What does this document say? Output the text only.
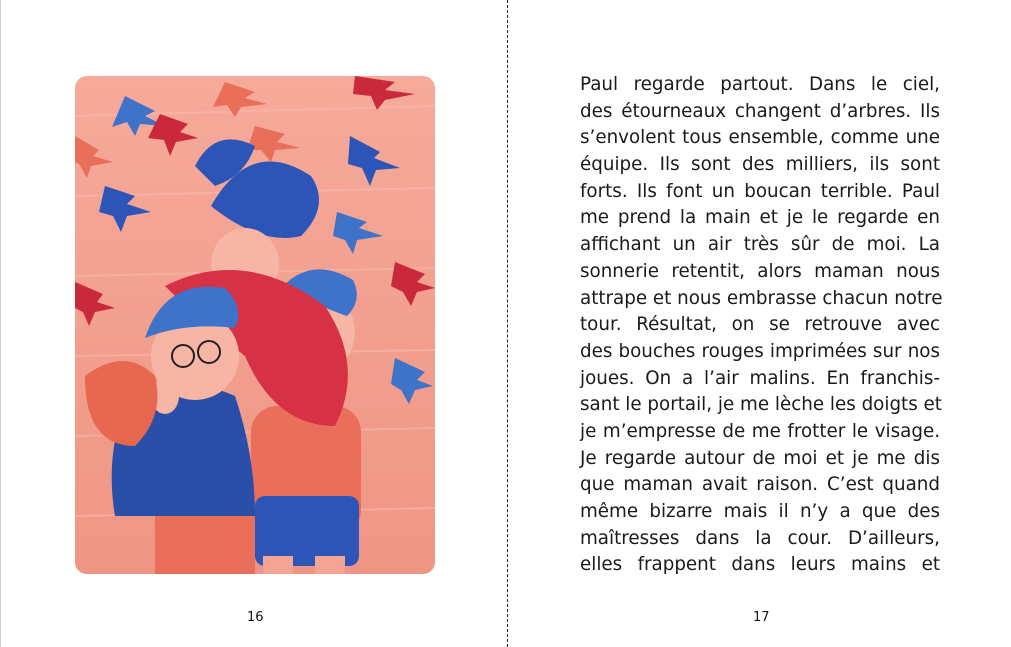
16
Paul regarde partout. Dans le ciel,
des étourneaux changent d’arbres. Ils
s’envolent tous ensemble, comme une
équipe. Ils sont des milliers, ils sont
forts. Ils font un boucan terrible. Paul
me prend la main et je le regarde en
affichant un air très sûr de moi. La
sonnerie retentit, alors maman nous
attrape et nous embrasse chacun notre
tour. Résultat, on se retrouve avec
des bouches rouges imprimées sur nos
joues. On a l’air malins. En franchis-
sant le portail, je me lèche les doigts et
je m’empresse de me frotter le visage.
Je regarde autour de moi et je me dis
que maman avait raison. C’est quand
même bizarre mais il n’y a que des
maîtresses dans la cour. D’ailleurs,
elles frappent dans leurs mains et
17
